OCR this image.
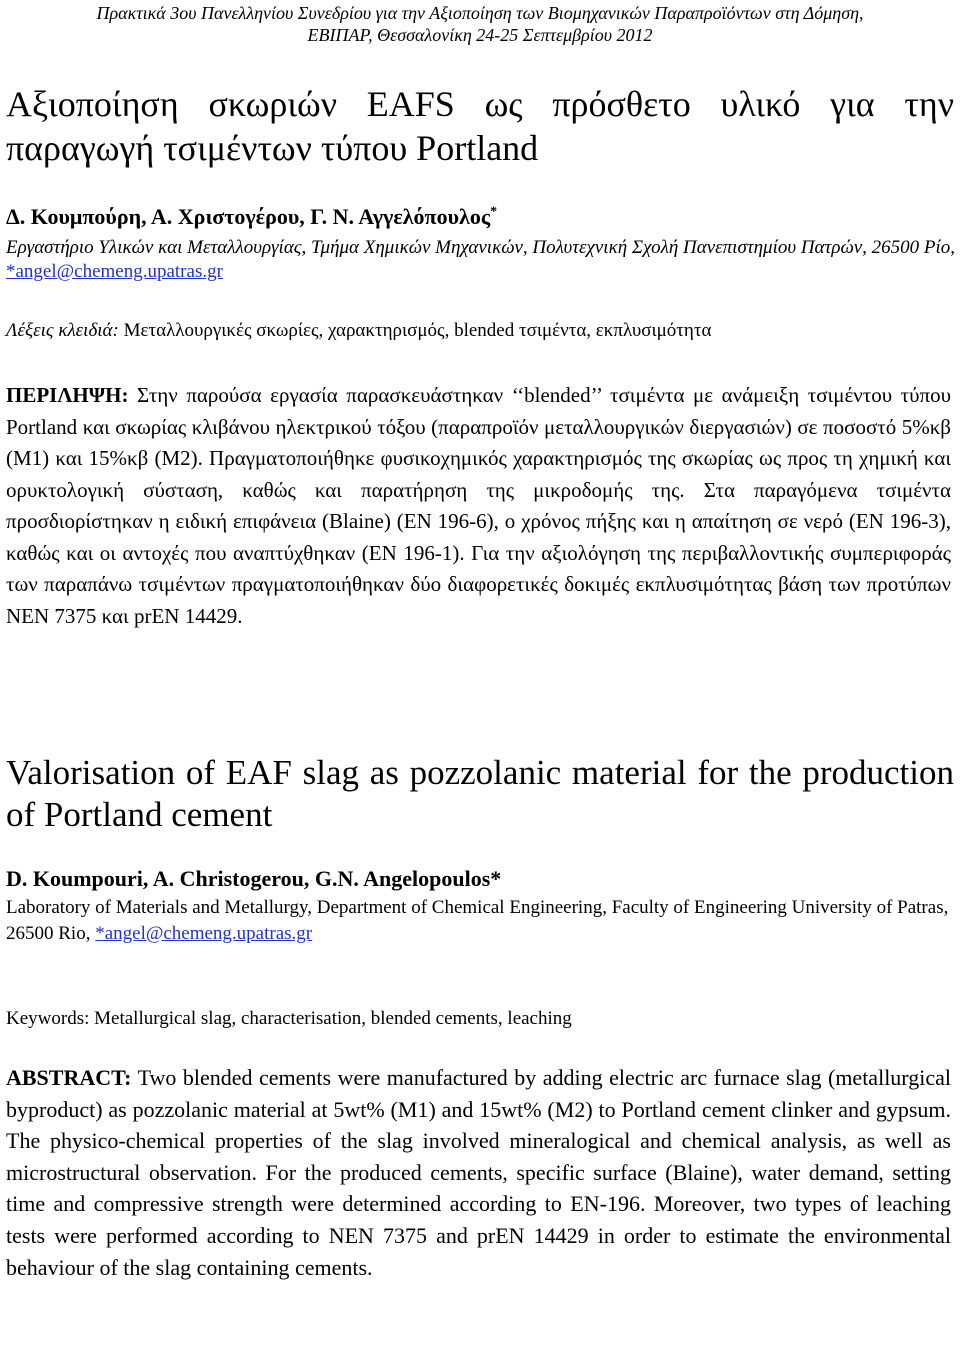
Πρακτικά 3ου Πανελληνίου Συνεδρίου για την Αξιοποίηση των Βιομηχανικών Παραπροϊόντων στη Δόμηση,
ΕΒΙΠΑΡ, Θεσσαλονίκη 24-25 Σεπτεμβρίου 2012
Αξιοποίηση σκωριών EAFS ως πρόσθετο υλικό για την παραγωγή τσιμέντων τύπου Portland
Δ. Κουμπούρη, Α. Χριστογέρου, Γ. Ν. Αγγελόπουλος*
Εργαστήριο Υλικών και Μεταλλουργίας, Τμήμα Χημικών Μηχανικών, Πολυτεχνική Σχολή Πανεπιστημίου Πατρών, 26500 Ρίο, *angel@chemeng.upatras.gr
Λέξεις κλειδιά: Μεταλλουργικές σκωρίες, χαρακτηρισμός, blended τσιμέντα, εκπλυσιμότητα
ΠΕΡΙΛΗΨΗ: Στην παρούσα εργασία παρασκευάστηκαν ‘‘blended’’ τσιμέντα με ανάμειξη τσιμέντου τύπου Portland και σκωρίας κλιβάνου ηλεκτρικού τόξου (παραπροϊόν μεταλλουργικών διεργασιών) σε ποσοστό 5%κβ (Μ1) και 15%κβ (Μ2). Πραγματοποιήθηκε φυσικοχημικός χαρακτηρισμός της σκωρίας ως προς τη χημική και ορυκτολογική σύσταση, καθώς και παρατήρηση της μικροδομής της. Στα παραγόμενα τσιμέντα προσδιορίστηκαν η ειδική επιφάνεια (Blaine) (EN 196-6), ο χρόνος πήξης και η απαίτηση σε νερό (EN 196-3), καθώς και οι αντοχές που αναπτύχθηκαν (EN 196-1). Για την αξιολόγηση της περιβαλλοντικής συμπεριφοράς των παραπάνω τσιμέντων πραγματοποιήθηκαν δύο διαφορετικές δοκιμές εκπλυσιμότητας βάση των προτύπων NEN 7375 και prEN 14429.
Valorisation of EAF slag as pozzolanic material for the production of Portland cement
D. Koumpouri, A. Christogerou, G.N. Angelopoulos*
Laboratory of Materials and Metallurgy, Department of Chemical Engineering, Faculty of Engineering University of Patras, 26500 Rio, *angel@chemeng.upatras.gr
Keywords: Metallurgical slag, characterisation, blended cements, leaching
ABSTRACT: Two blended cements were manufactured by adding electric arc furnace slag (metallurgical byproduct) as pozzolanic material at 5wt% (M1) and 15wt% (M2) to Portland cement clinker and gypsum. The physico-chemical properties of the slag involved mineralogical and chemical analysis, as well as microstructural observation. For the produced cements, specific surface (Blaine), water demand, setting time and compressive strength were determined according to EN-196. Moreover, two types of leaching tests were performed according to NEN 7375 and prEN 14429 in order to estimate the environmental behaviour of the slag containing cements.
